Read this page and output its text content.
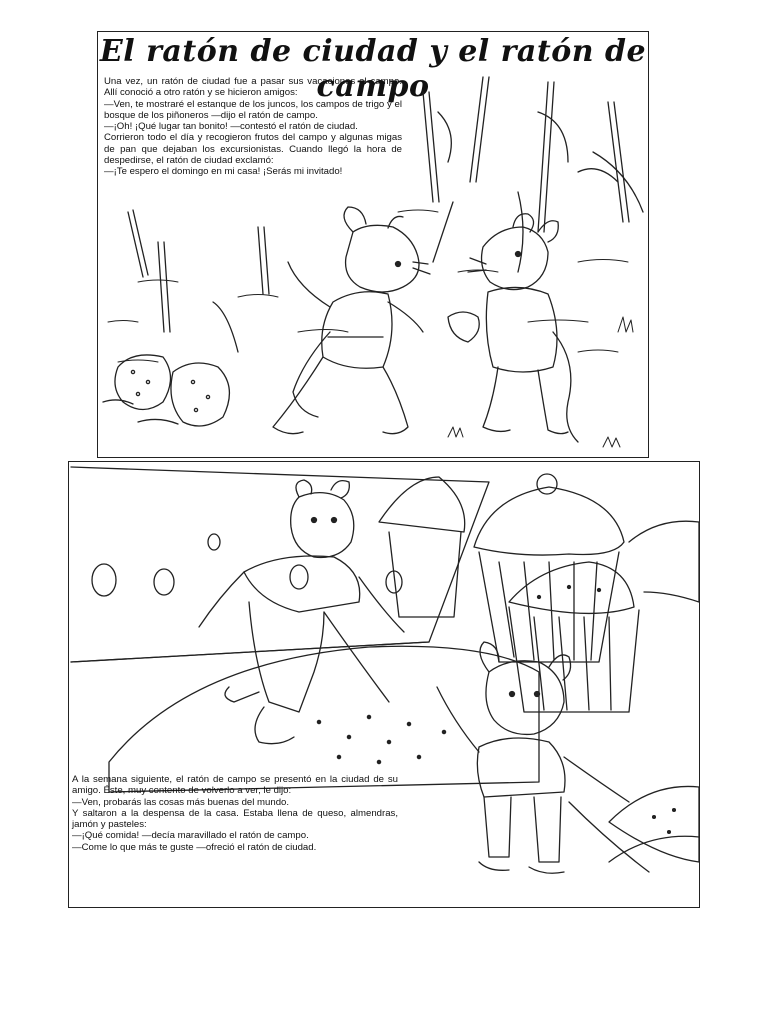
El ratón de ciudad y el ratón de campo

Una vez, un ratón de ciudad fue a pasar sus vacaciones al campo. Allí conoció a otro ratón y se hicieron amigos:

—Ven, te mostraré el estanque de los juncos, los campos de trigo y el bosque de los piñoneros —dijo el ratón de campo.

—¡Oh! ¡Qué lugar tan bonito! —contestó el ratón de ciudad.

Corrieron todo el día y recogieron frutos del campo y algunas migas de pan que dejaban los excursionistas. Cuando llegó la hora de despedirse, el ratón de ciudad exclamó:

—¡Te espero el domingo en mi casa! ¡Serás mi invitado!

A la semana siguiente, el ratón de campo se presentó en la ciudad de su amigo. Éste, muy contento de volverlo a ver, le dijo:

—Ven, probarás las cosas más buenas del mundo.

Y saltaron a la despensa de la casa. Estaba llena de queso, almendras, jamón y pasteles:

—¡Qué comida! —decía maravillado el ratón de campo.

—Come lo que más te guste —ofreció el ratón de ciudad.
